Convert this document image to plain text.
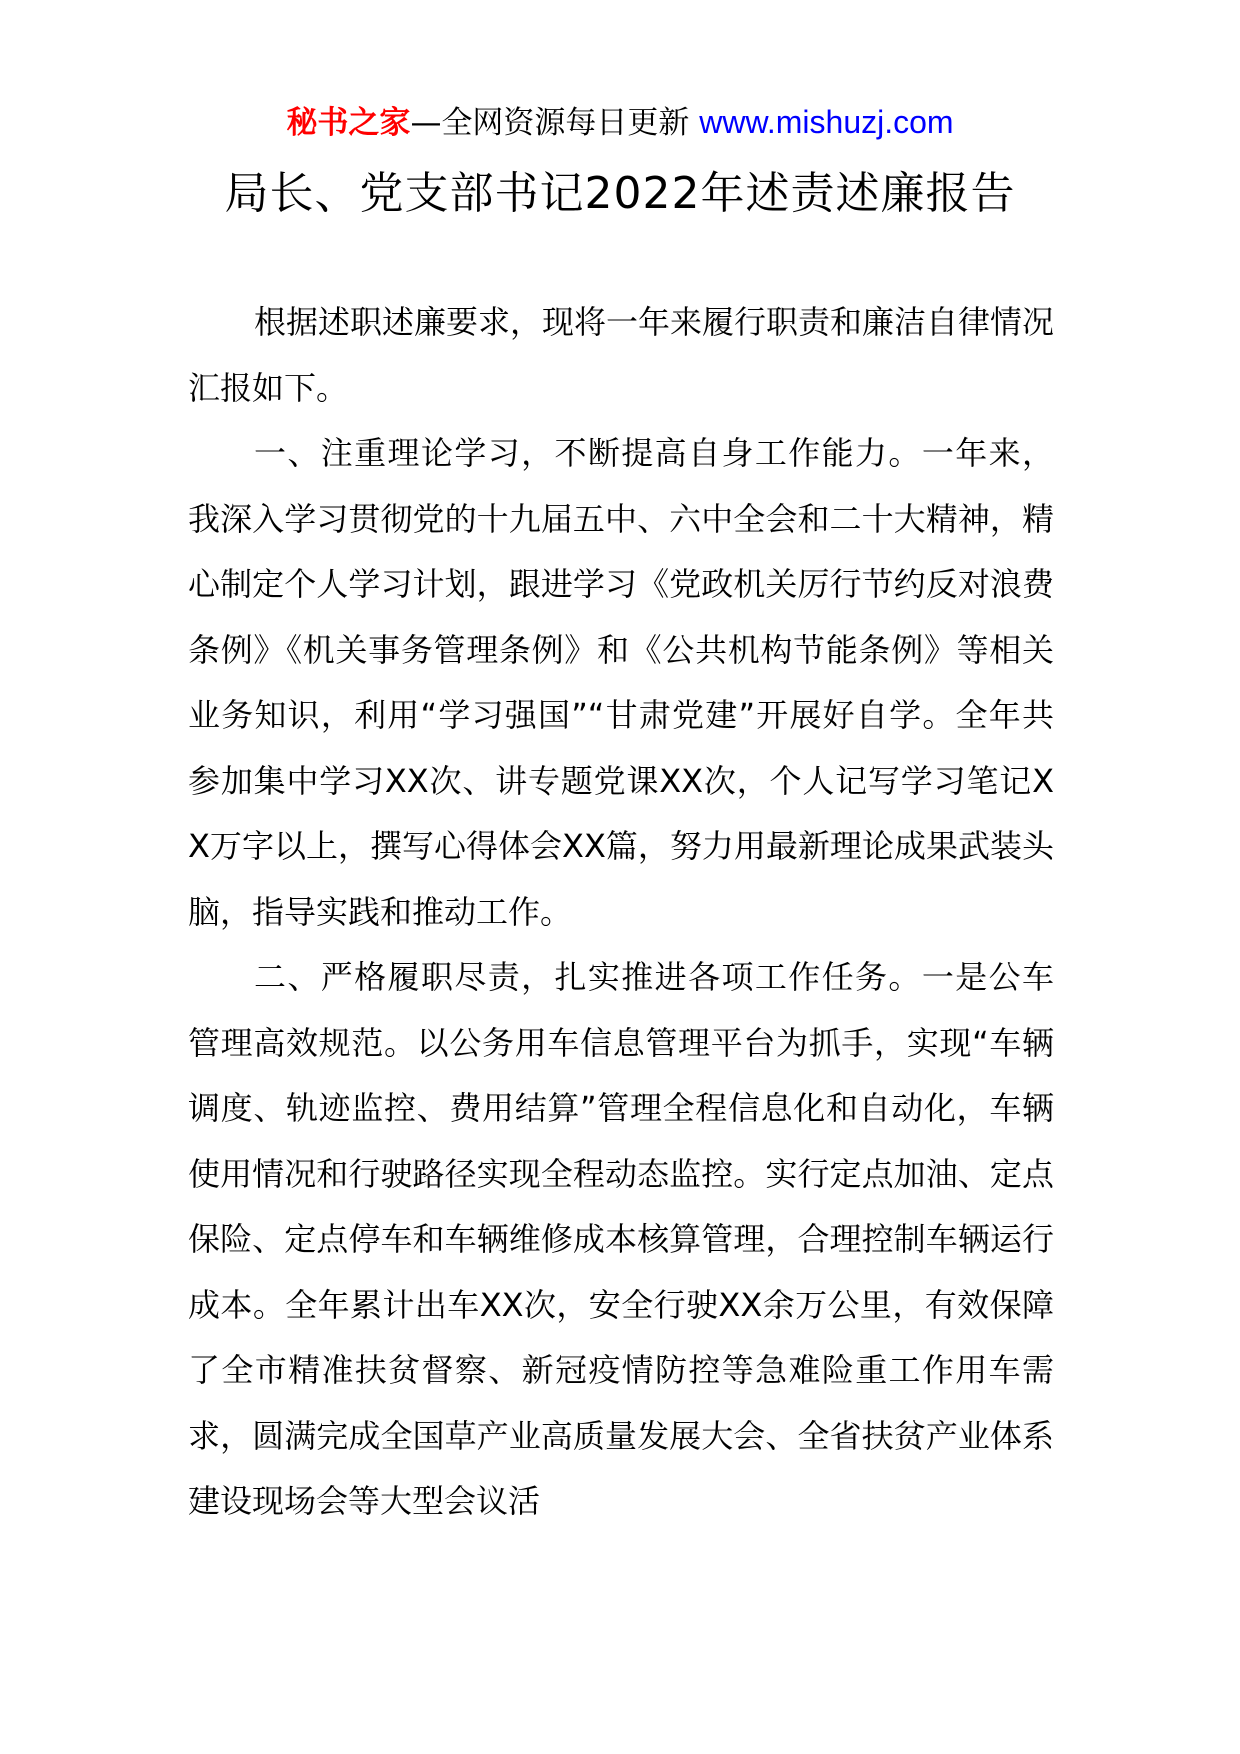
秘书之家—全网资源每日更新 www.mishuzj.com
局长、党支部书记2022年述责述廉报告

根据述职述廉要求，现将一年来履行职责和廉洁自律情况汇报如下。

一、注重理论学习，不断提高自身工作能力。一年来，我深入学习贯彻党的十九届五中、六中全会和二十大精神，精心制定个人学习计划，跟进学习《党政机关厉行节约反对浪费条例》《机关事务管理条例》和《公共机构节能条例》等相关业务知识，利用“学习强国”“甘肃党建”开展好自学。全年共参加集中学习XX次、讲专题党课XX次，个人记写学习笔记XX万字以上，撰写心得体会XX篇，努力用最新理论成果武装头脑，指导实践和推动工作。

二、严格履职尽责，扎实推进各项工作任务。一是公车管理高效规范。以公务用车信息管理平台为抓手，实现“车辆调度、轨迹监控、费用结算”管理全程信息化和自动化，车辆使用情况和行驶路径实现全程动态监控。实行定点加油、定点保险、定点停车和车辆维修成本核算管理，合理控制车辆运行成本。全年累计出车XX次，安全行驶XX余万公里，有效保障了全市精准扶贫督察、新冠疫情防控等急难险重工作用车需求，圆满完成全国草产业高质量发展大会、全省扶贫产业体系建设现场会等大型会议活
